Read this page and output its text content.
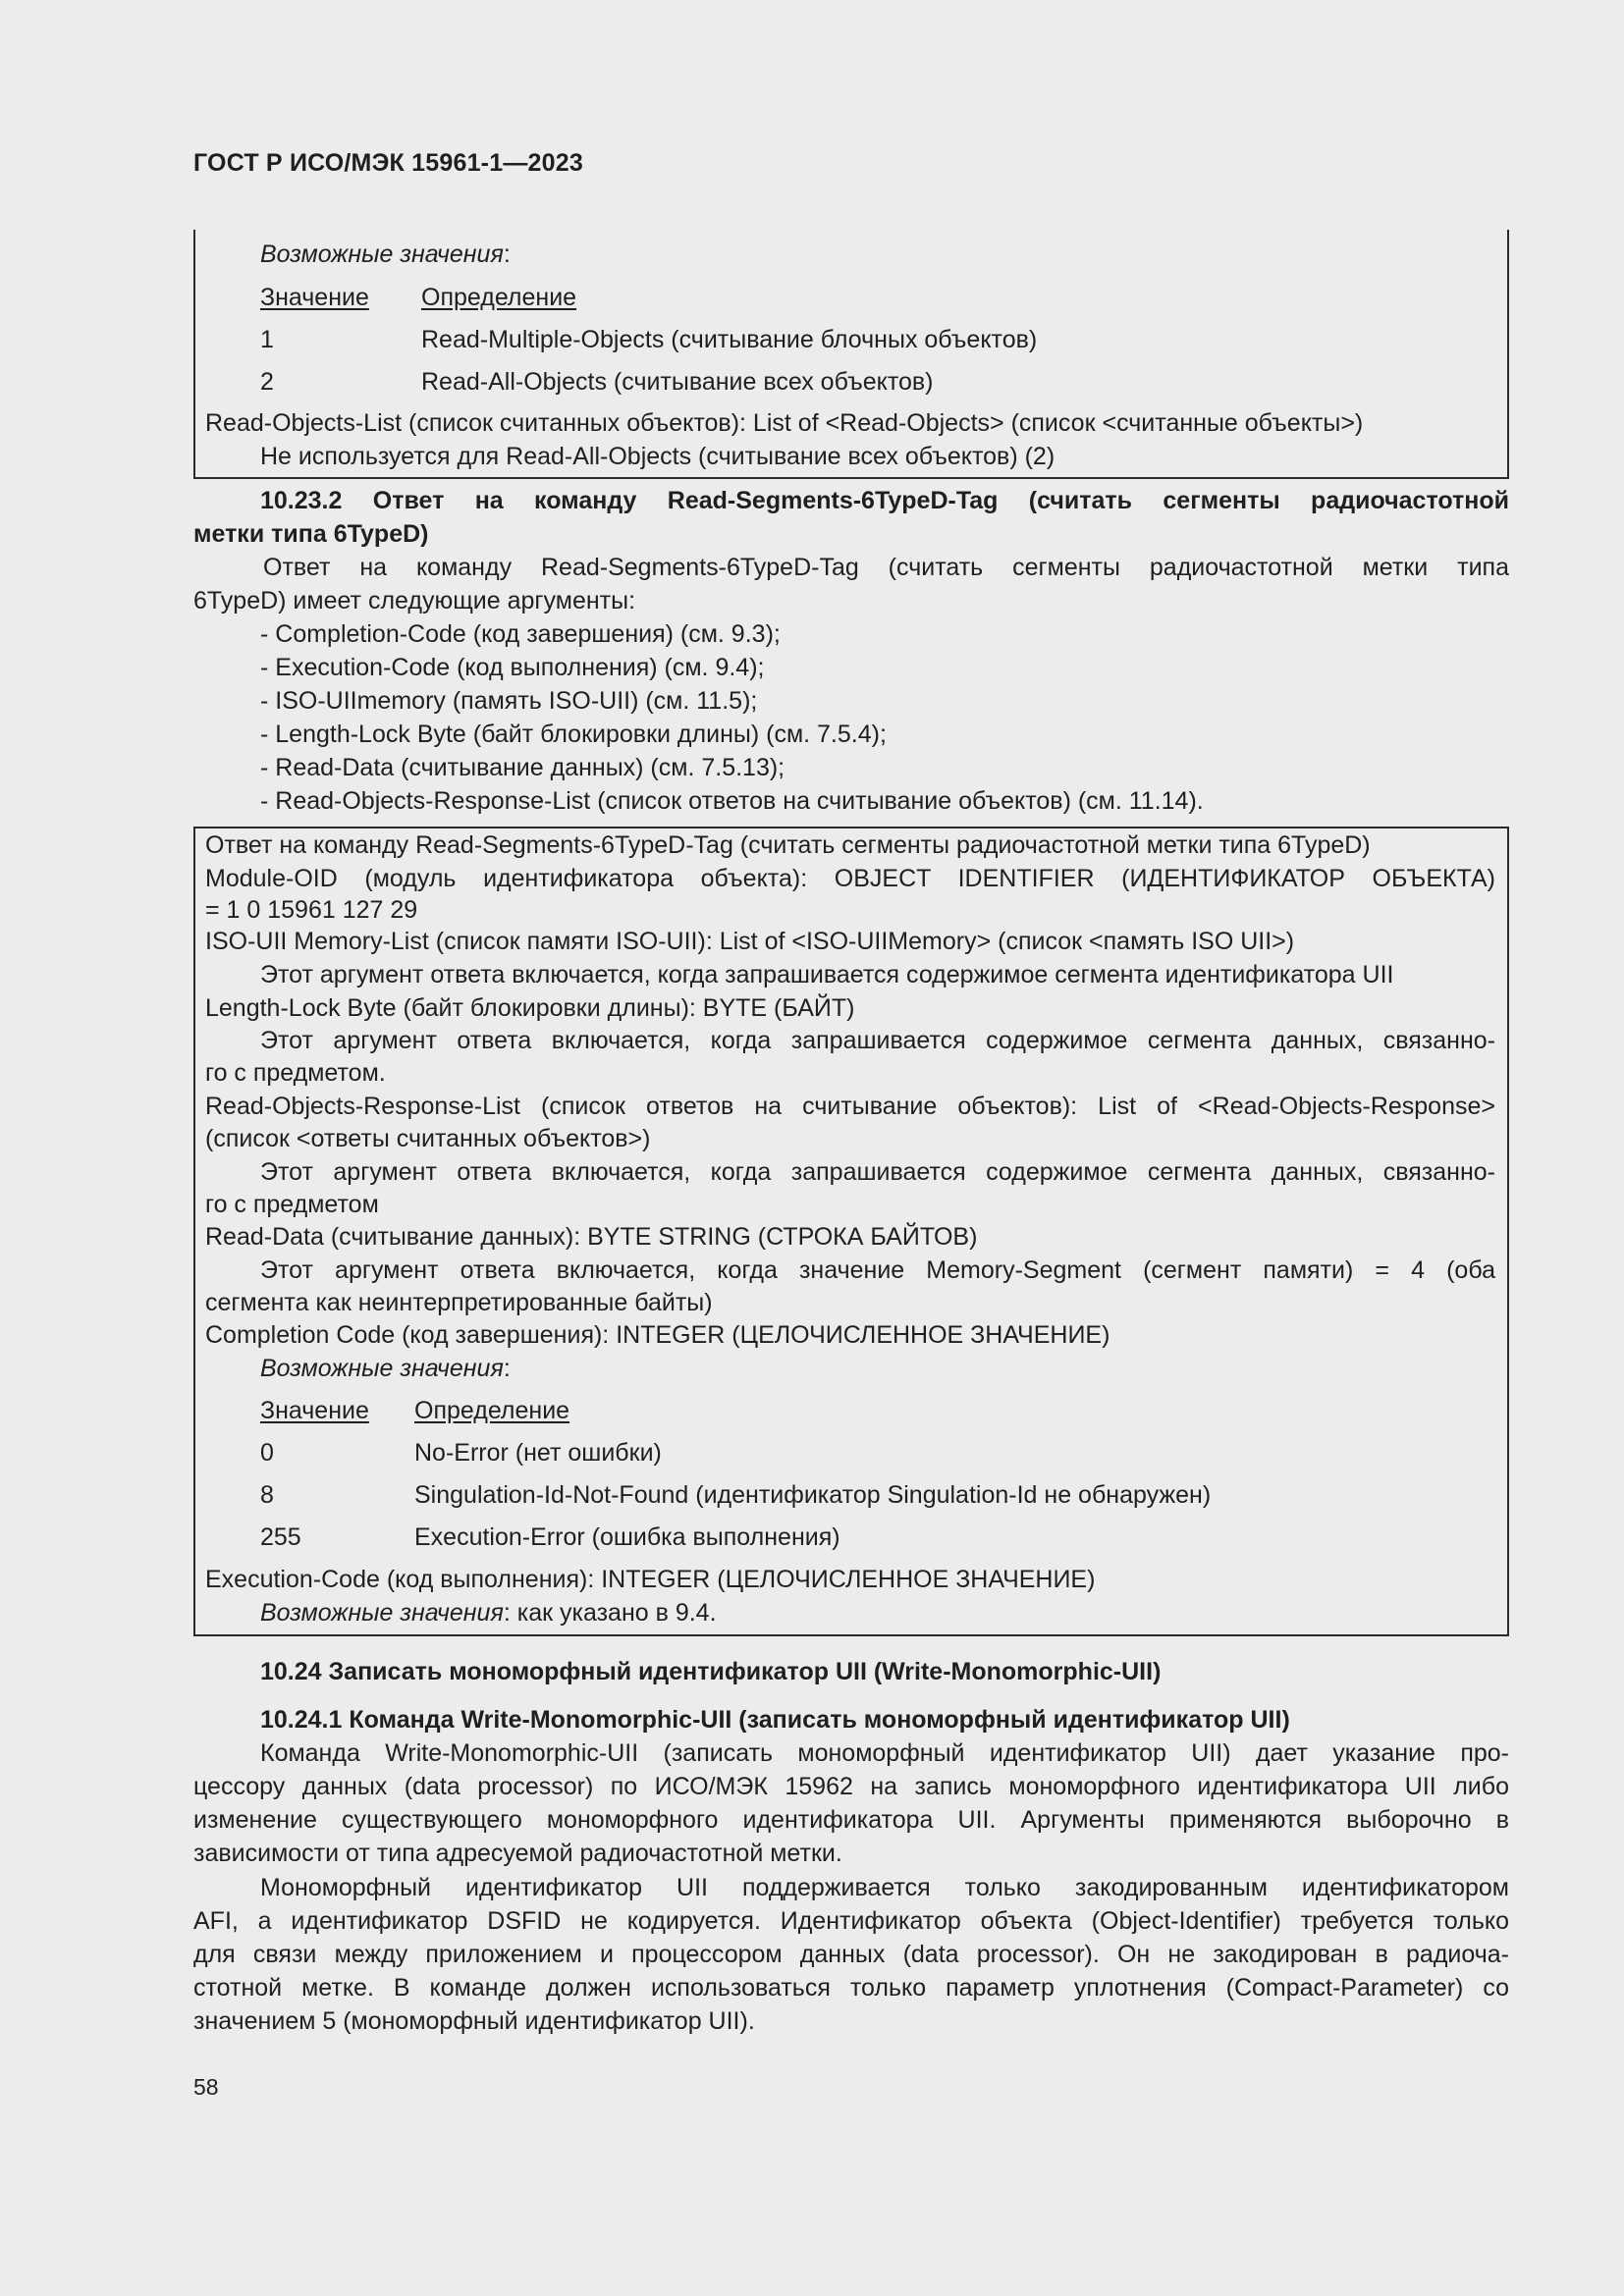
ГОСТ Р ИСО/МЭК 15961-1—2023
Возможные значения:
Значение Определение
1	Read-Multiple-Objects (считывание блочных объектов)
2	Read-All-Objects (считывание всех объектов)
Read-Objects-List (список считанных объектов): List of <Read-Objects> (список <считанные объекты>)
Не используется для Read-All-Objects (считывание всех объектов) (2)
10.23.2 Ответ на команду Read-Segments-6TypeD-Tag (считать сегменты радиочастотной
метки типа 6TypeD)
Ответ на команду Read-Segments-6TypeD-Tag (считать сегменты радиочастотной метки типа
6TypeD) имеет следующие аргументы:
- Completion-Code (код завершения) (см. 9.3);
- Execution-Code (код выполнения) (см. 9.4);
- ISO-UIImemory (память ISO-UII) (см. 11.5);
- Length-Lock Byte (байт блокировки длины) (см. 7.5.4);
- Read-Data (считывание данных) (см. 7.5.13);
- Read-Objects-Response-List (список ответов на считывание объектов) (см. 11.14).
Ответ на команду Read-Segments-6TypeD-Tag (считать сегменты радиочастотной метки типа 6TypeD)
Module-OID (модуль идентификатора объекта): OBJECT IDENTIFIER (ИДЕНТИФИКАТОР ОБЪЕКТА)
= 1 0 15961 127 29
ISO-UII Memory-List (список памяти ISO-UII): List of <ISO-UIIMemory> (список <память ISO UII>)
Этот аргумент ответа включается, когда запрашивается содержимое сегмента идентификатора UII
Length-Lock Byte (байт блокировки длины): BYTE (БАЙТ)
Этот аргумент ответа включается, когда запрашивается содержимое сегмента данных, связанно-
го с предметом.
Read-Objects-Response-List (список ответов на считывание объектов): List of <Read-Objects-Response>
(список <ответы считанных объектов>)
Этот аргумент ответа включается, когда запрашивается содержимое сегмента данных, связанно-
го с предметом
Read-Data (считывание данных): BYTE STRING (СТРОКА БАЙТОВ)
Этот аргумент ответа включается, когда значение Memory-Segment (сегмент памяти) = 4 (оба
сегмента как неинтерпретированные байты)
Completion Code (код завершения): INTEGER (ЦЕЛОЧИСЛЕННОЕ ЗНАЧЕНИЕ)
Возможные значения:
Значение Определение
0	No-Error (нет ошибки)
8	Singulation-Id-Not-Found (идентификатор Singulation-Id не обнаружен)
255	Execution-Error (ошибка выполнения)
Execution-Code (код выполнения): INTEGER (ЦЕЛОЧИСЛЕННОЕ ЗНАЧЕНИЕ)
Возможные значения: как указано в 9.4.
10.24 Записать мономорфный идентификатор UII (Write-Monomorphic-UII)
10.24.1 Команда Write-Monomorphic-UII (записать мономорфный идентификатор UII)
Команда Write-Monomorphic-UII (записать мономорфный идентификатор UII) дает указание про-
цессору данных (data processor) по ИСО/МЭК 15962 на запись мономорфного идентификатора UII либо
изменение существующего мономорфного идентификатора UII. Аргументы применяются выборочно в
зависимости от типа адресуемой радиочастотной метки.
Мономорфный идентификатор UII поддерживается только закодированным идентификатором
AFI, а идентификатор DSFID не кодируется. Идентификатор объекта (Object-Identifier) требуется только
для связи между приложением и процессором данных (data processor). Он не закодирован в радиоча-
стотной метке. В команде должен использоваться только параметр уплотнения (Compact-Parameter) со
значением 5 (мономорфный идентификатор UII).
58
